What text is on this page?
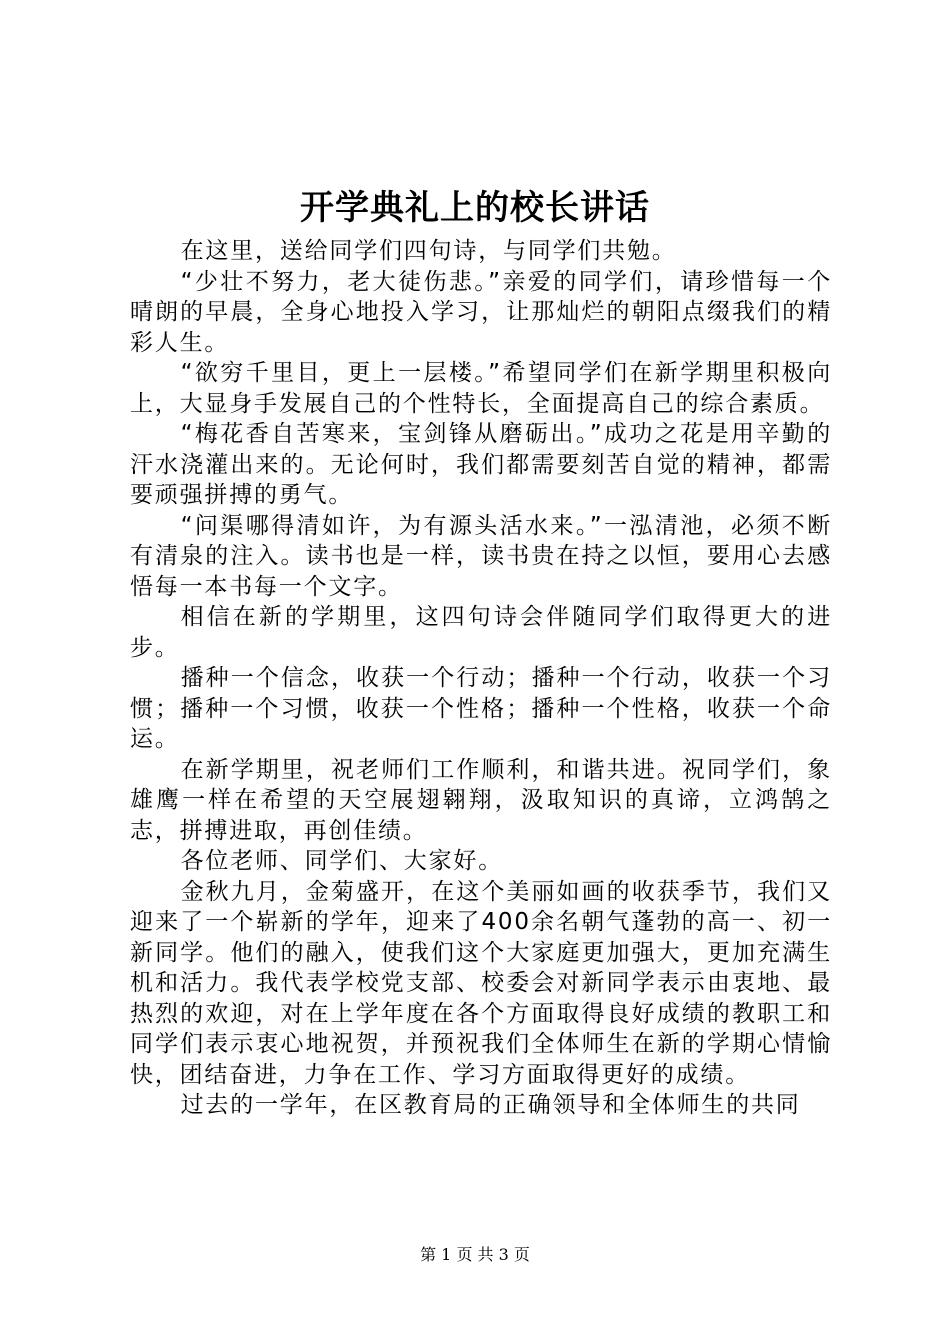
开学典礼上的校长讲话

在这里，送给同学们四句诗，与同学们共勉。

“少壮不努力，老大徒伤悲。”亲爱的同学们，请珍惜每一个晴朗的早晨，全身心地投入学习，让那灿烂的朝阳点缀我们的精彩人生。

“欲穷千里目，更上一层楼。”希望同学们在新学期里积极向上，大显身手发展自己的个性特长，全面提高自己的综合素质。

“梅花香自苦寒来，宝剑锋从磨砺出。”成功之花是用辛勤的汗水浇灌出来的。无论何时，我们都需要刻苦自觉的精神，都需要顽强拼搏的勇气。

“问渠哪得清如许，为有源头活水来。”一泓清池，必须不断有清泉的注入。读书也是一样，读书贵在持之以恒，要用心去感悟每一本书每一个文字。

相信在新的学期里，这四句诗会伴随同学们取得更大的进步。

播种一个信念，收获一个行动；播种一个行动，收获一个习惯；播种一个习惯，收获一个性格；播种一个性格，收获一个命运。

在新学期里，祝老师们工作顺利，和谐共进。祝同学们，象雄鹰一样在希望的天空展翅翱翔，汲取知识的真谛，立鸿鹄之志，拼搏进取，再创佳绩。

各位老师、同学们、大家好。

金秋九月，金菊盛开，在这个美丽如画的收获季节，我们又迎来了一个崭新的学年，迎来了400余名朝气蓬勃的高一、初一新同学。他们的融入，使我们这个大家庭更加强大，更加充满生机和活力。我代表学校党支部、校委会对新同学表示由衷地、最热烈的欢迎，对在上学年度在各个方面取得良好成绩的教职工和同学们表示衷心地祝贺，并预祝我们全体师生在新的学期心情愉快，团结奋进，力争在工作、学习方面取得更好的成绩。

过去的一学年，在区教育局的正确领导和全体师生的共同

第 1 页 共 3 页
